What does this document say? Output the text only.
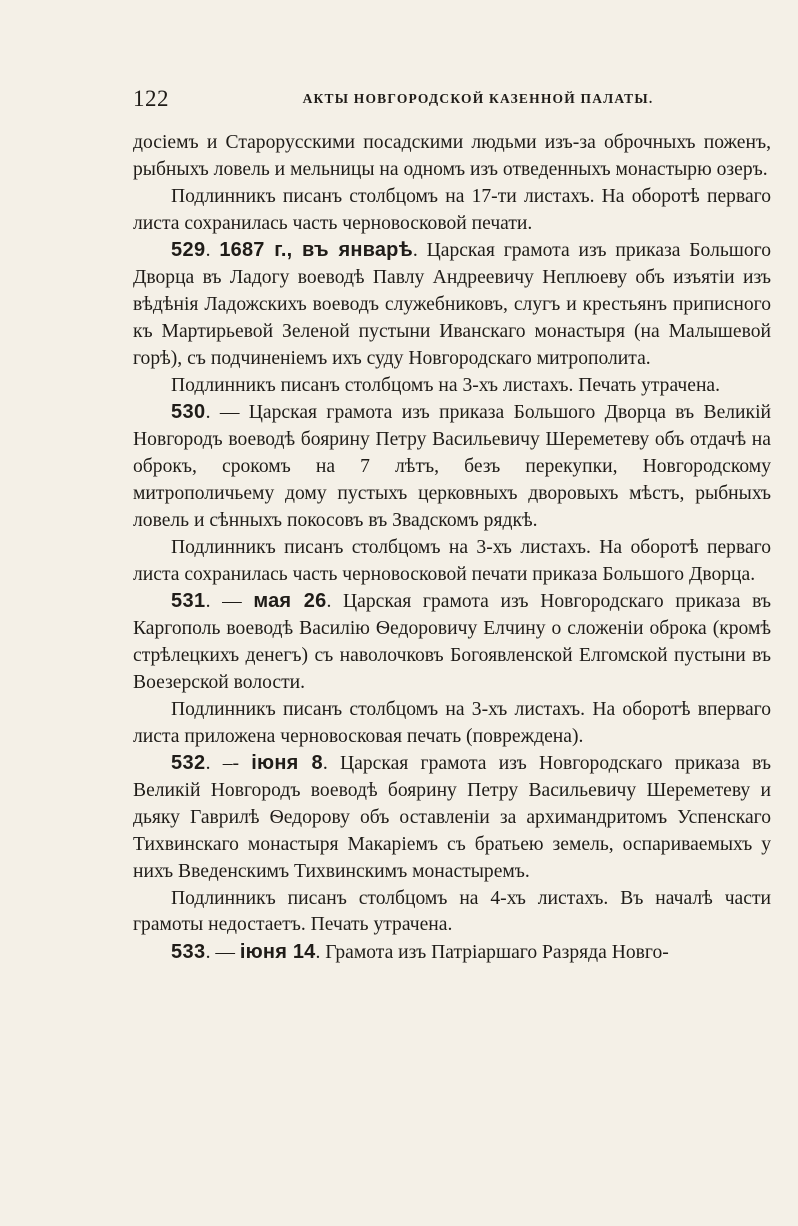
122	АКТЫ НОВГОРОДСКОЙ КАЗЕННОЙ ПАЛАТЫ.

досіемъ и Старорусскими посадскими людьми изъ-за оброчныхъ поженъ, рыбныхъ ловель и мельницы на одномъ изъ отведенныхъ монастырю озеръ.

Подлинникъ писанъ столбцомъ на 17-ти листахъ. На оборотѣ перваго листа сохранилась часть черновосковой печати.

529. 1687 г., въ январѣ. Царская грамота изъ приказа Большого Дворца въ Ладогу воеводѣ Павлу Андреевичу Неплюеву объ изъятіи изъ вѣдѣнія Ладожскихъ воеводъ служебниковъ, слугъ и крестьянъ приписного къ Мартирьевой Зеленой пустыни Иванскаго монастыря (на Малышевой горѣ), съ подчиненіемъ ихъ суду Новгородскаго митрополита.

Подлинникъ писанъ столбцомъ на 3-хъ листахъ. Печать утрачена.

530. — Царская грамота изъ приказа Большого Дворца въ Великій Новгородъ воеводѣ боярину Петру Васильевичу Шереметеву объ отдачѣ на оброкъ, срокомъ на 7 лѣтъ, безъ перекупки, Новгородскому митрополичьему дому пустыхъ церковныхъ дворовыхъ мѣстъ, рыбныхъ ловель и сѣнныхъ покосовъ въ Звадскомъ рядкѣ.

Подлинникъ писанъ столбцомъ на 3-хъ листахъ. На оборотѣ перваго листа сохранилась часть черновосковой печати приказа Большого Дворца.

531. — мая 26. Царская грамота изъ Новгородскаго приказа въ Каргополь воеводѣ Василію Ѳедоровичу Елчину о сложеніи оброка (кромѣ стрѣлецкихъ денегъ) съ наволочковъ Богоявленской Елгомской пустыни въ Воезерской волости.

Подлинникъ писанъ столбцомъ на 3-хъ листахъ. На оборотѣ вперваго листа приложена черновосковая печать (повреждена).

532. –- іюня 8. Царская грамота изъ Новгородскаго приказа въ Великій Новгородъ воеводѣ боярину Петру Васильевичу Шереметеву и дьяку Гаврилѣ Ѳедорову объ оставленіи за архимандритомъ Успенскаго Тихвинскаго монастыря Макаріемъ съ братьею земель, оспариваемыхъ у нихъ Введенскимъ Тихвинскимъ монастыремъ.

Подлинникъ писанъ столбцомъ на 4-хъ листахъ. Въ началѣ части грамоты недостаетъ. Печать утрачена.

533. — іюня 14. Грамота изъ Патріаршаго Разряда Новго-
